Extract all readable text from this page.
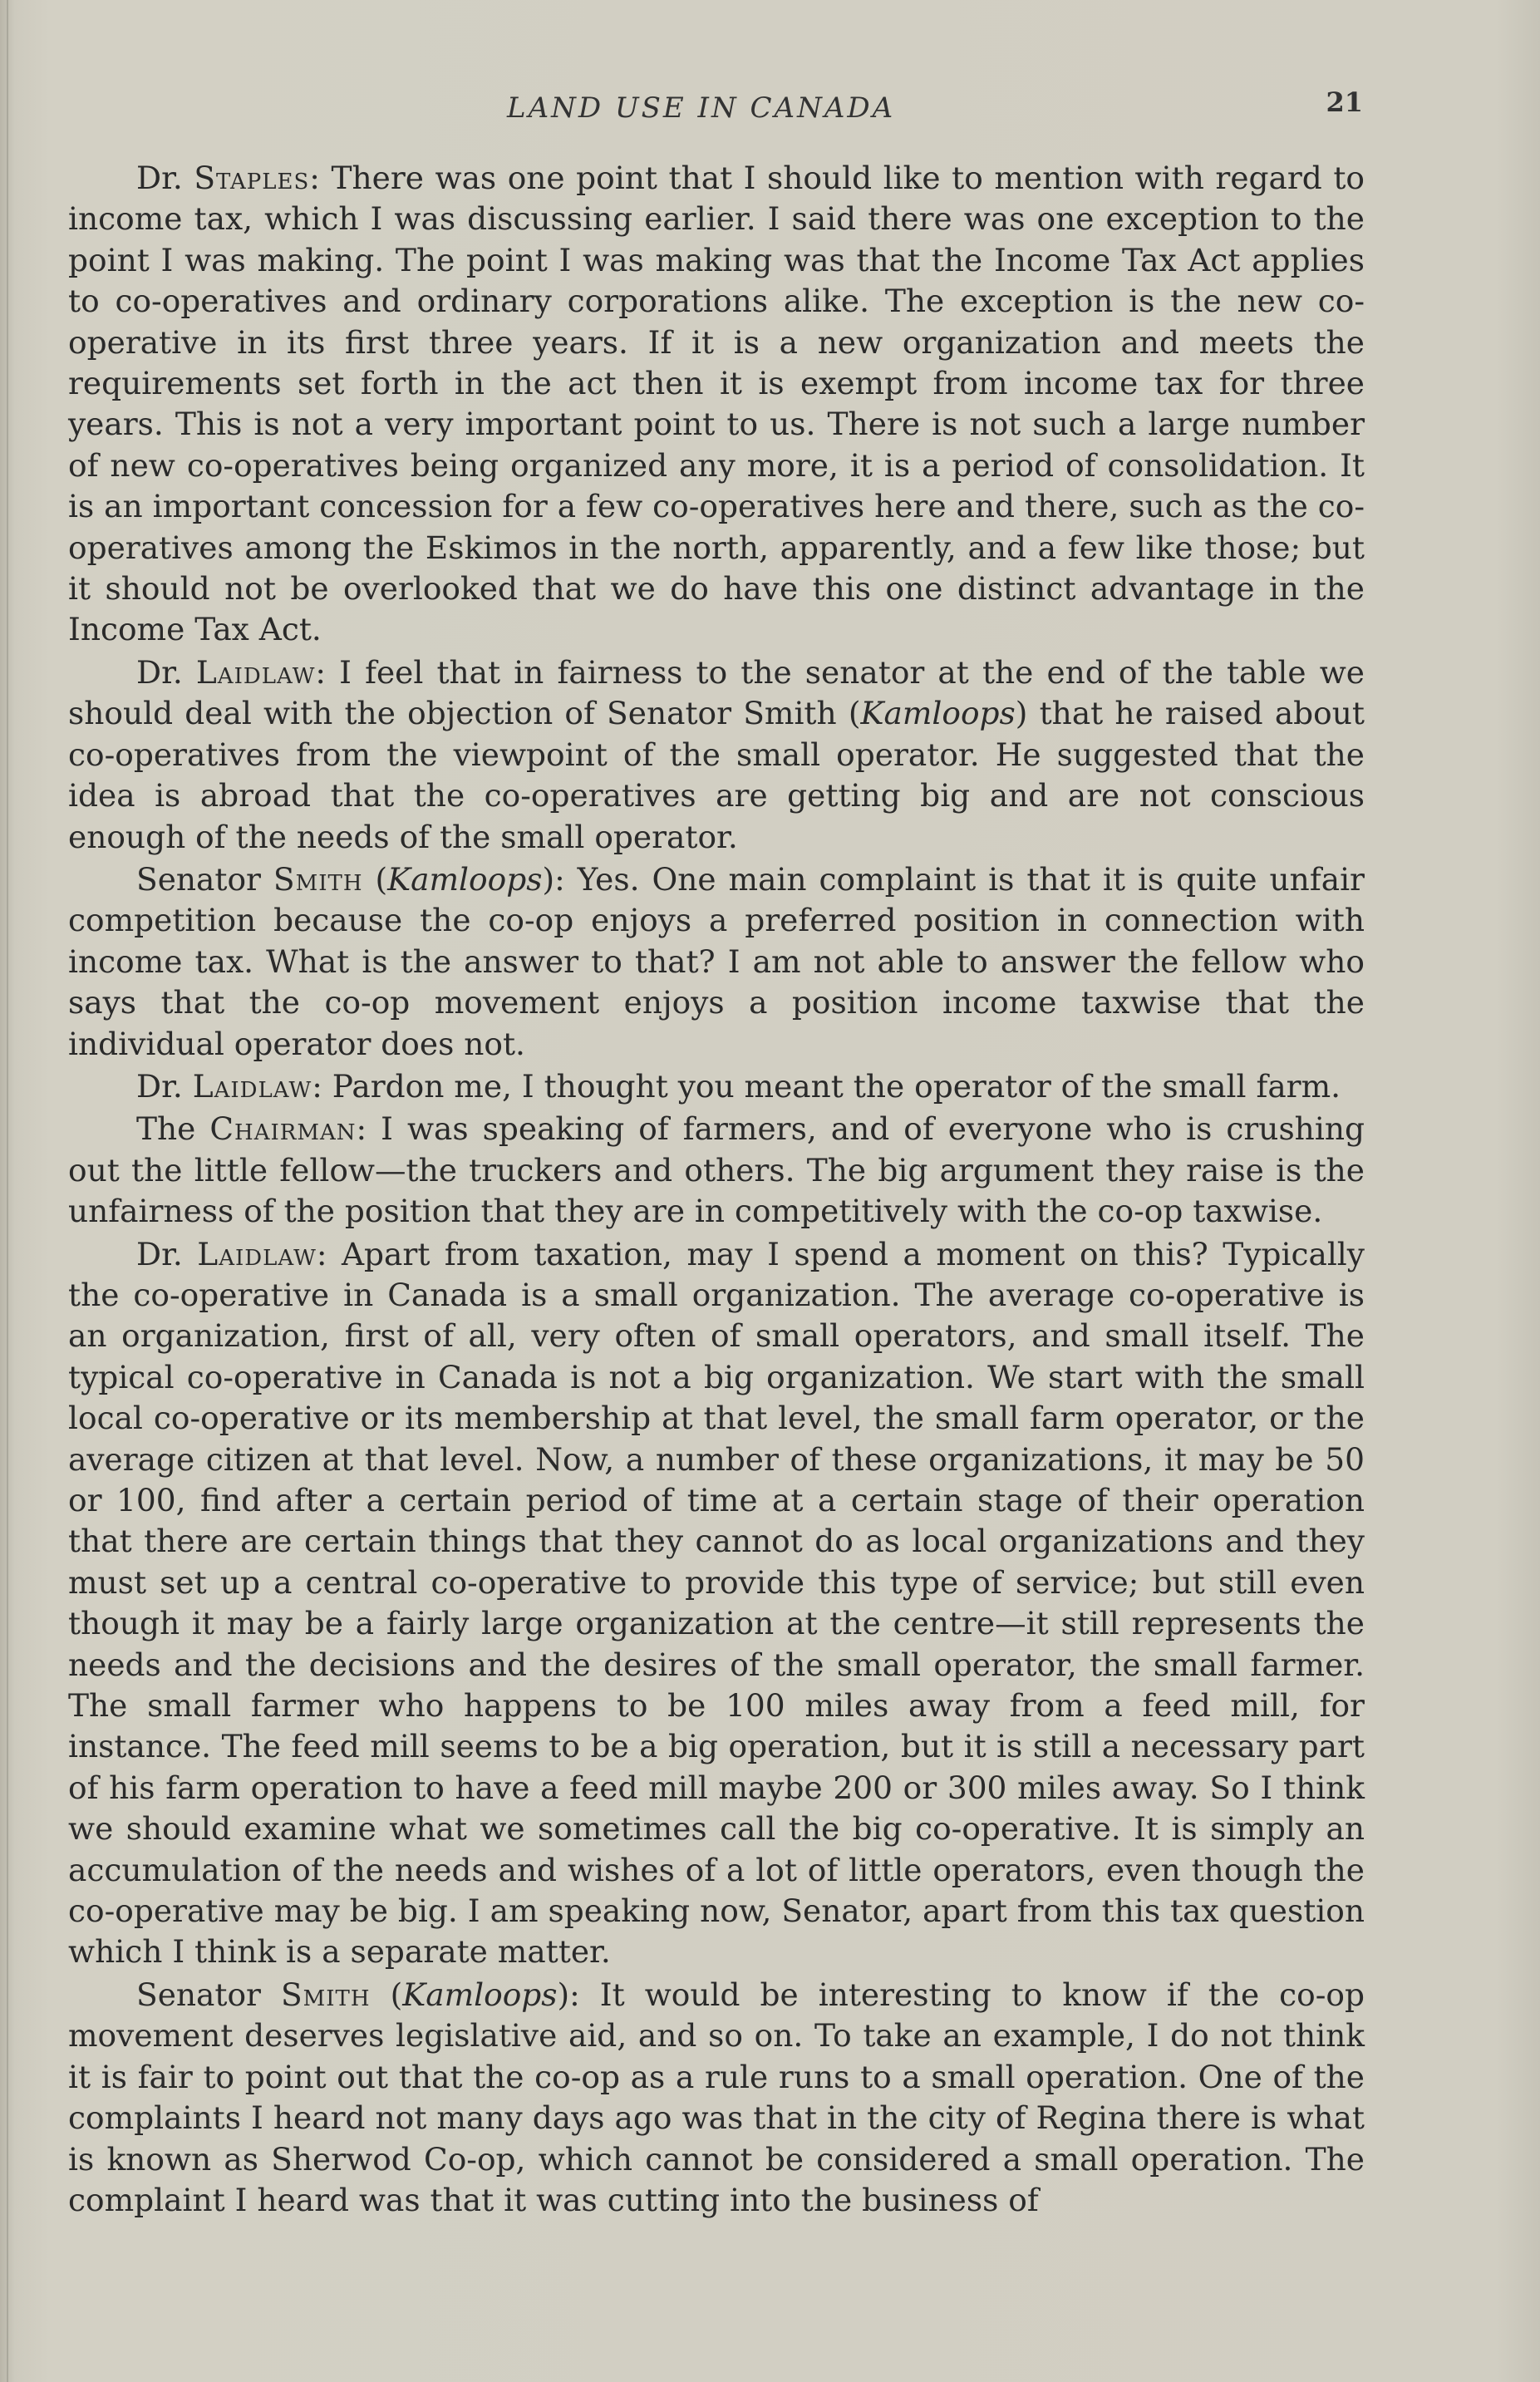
LAND USE IN CANADA	21

Dr. Staples: There was one point that I should like to mention with regard to income tax, which I was discussing earlier. I said there was one exception to the point I was making. The point I was making was that the Income Tax Act applies to co-operatives and ordinary corporations alike. The exception is the new co-operative in its first three years. If it is a new organization and meets the requirements set forth in the act then it is exempt from income tax for three years. This is not a very important point to us. There is not such a large number of new co-operatives being organized any more, it is a period of consolidation. It is an important concession for a few co-operatives here and there, such as the co-operatives among the Eskimos in the north, apparently, and a few like those; but it should not be overlooked that we do have this one distinct advantage in the Income Tax Act.

Dr. Laidlaw: I feel that in fairness to the senator at the end of the table we should deal with the objection of Senator Smith (Kamloops) that he raised about co-operatives from the viewpoint of the small operator. He suggested that the idea is abroad that the co-operatives are getting big and are not conscious enough of the needs of the small operator.

Senator Smith (Kamloops): Yes. One main complaint is that it is quite unfair competition because the co-op enjoys a preferred position in connection with income tax. What is the answer to that? I am not able to answer the fellow who says that the co-op movement enjoys a position income taxwise that the individual operator does not.

Dr. Laidlaw: Pardon me, I thought you meant the operator of the small farm.

The Chairman: I was speaking of farmers, and of everyone who is crushing out the little fellow—the truckers and others. The big argument they raise is the unfairness of the position that they are in competitively with the co-op taxwise.

Dr. Laidlaw: Apart from taxation, may I spend a moment on this? Typically the co-operative in Canada is a small organization. The average co-operative is an organization, first of all, very often of small operators, and small itself. The typical co-operative in Canada is not a big organization. We start with the small local co-operative or its membership at that level, the small farm operator, or the average citizen at that level. Now, a number of these organizations, it may be 50 or 100, find after a certain period of time at a certain stage of their operation that there are certain things that they cannot do as local organizations and they must set up a central co-operative to provide this type of service; but still even though it may be a fairly large organization at the centre—it still represents the needs and the decisions and the desires of the small operator, the small farmer. The small farmer who happens to be 100 miles away from a feed mill, for instance. The feed mill seems to be a big operation, but it is still a necessary part of his farm operation to have a feed mill maybe 200 or 300 miles away. So I think we should examine what we sometimes call the big co-operative. It is simply an accumulation of the needs and wishes of a lot of little operators, even though the co-operative may be big. I am speaking now, Senator, apart from this tax question which I think is a separate matter.

Senator Smith (Kamloops): It would be interesting to know if the co-op movement deserves legislative aid, and so on. To take an example, I do not think it is fair to point out that the co-op as a rule runs to a small operation. One of the complaints I heard not many days ago was that in the city of Regina there is what is known as Sherwod Co-op, which cannot be considered a small operation. The complaint I heard was that it was cutting into the business of
